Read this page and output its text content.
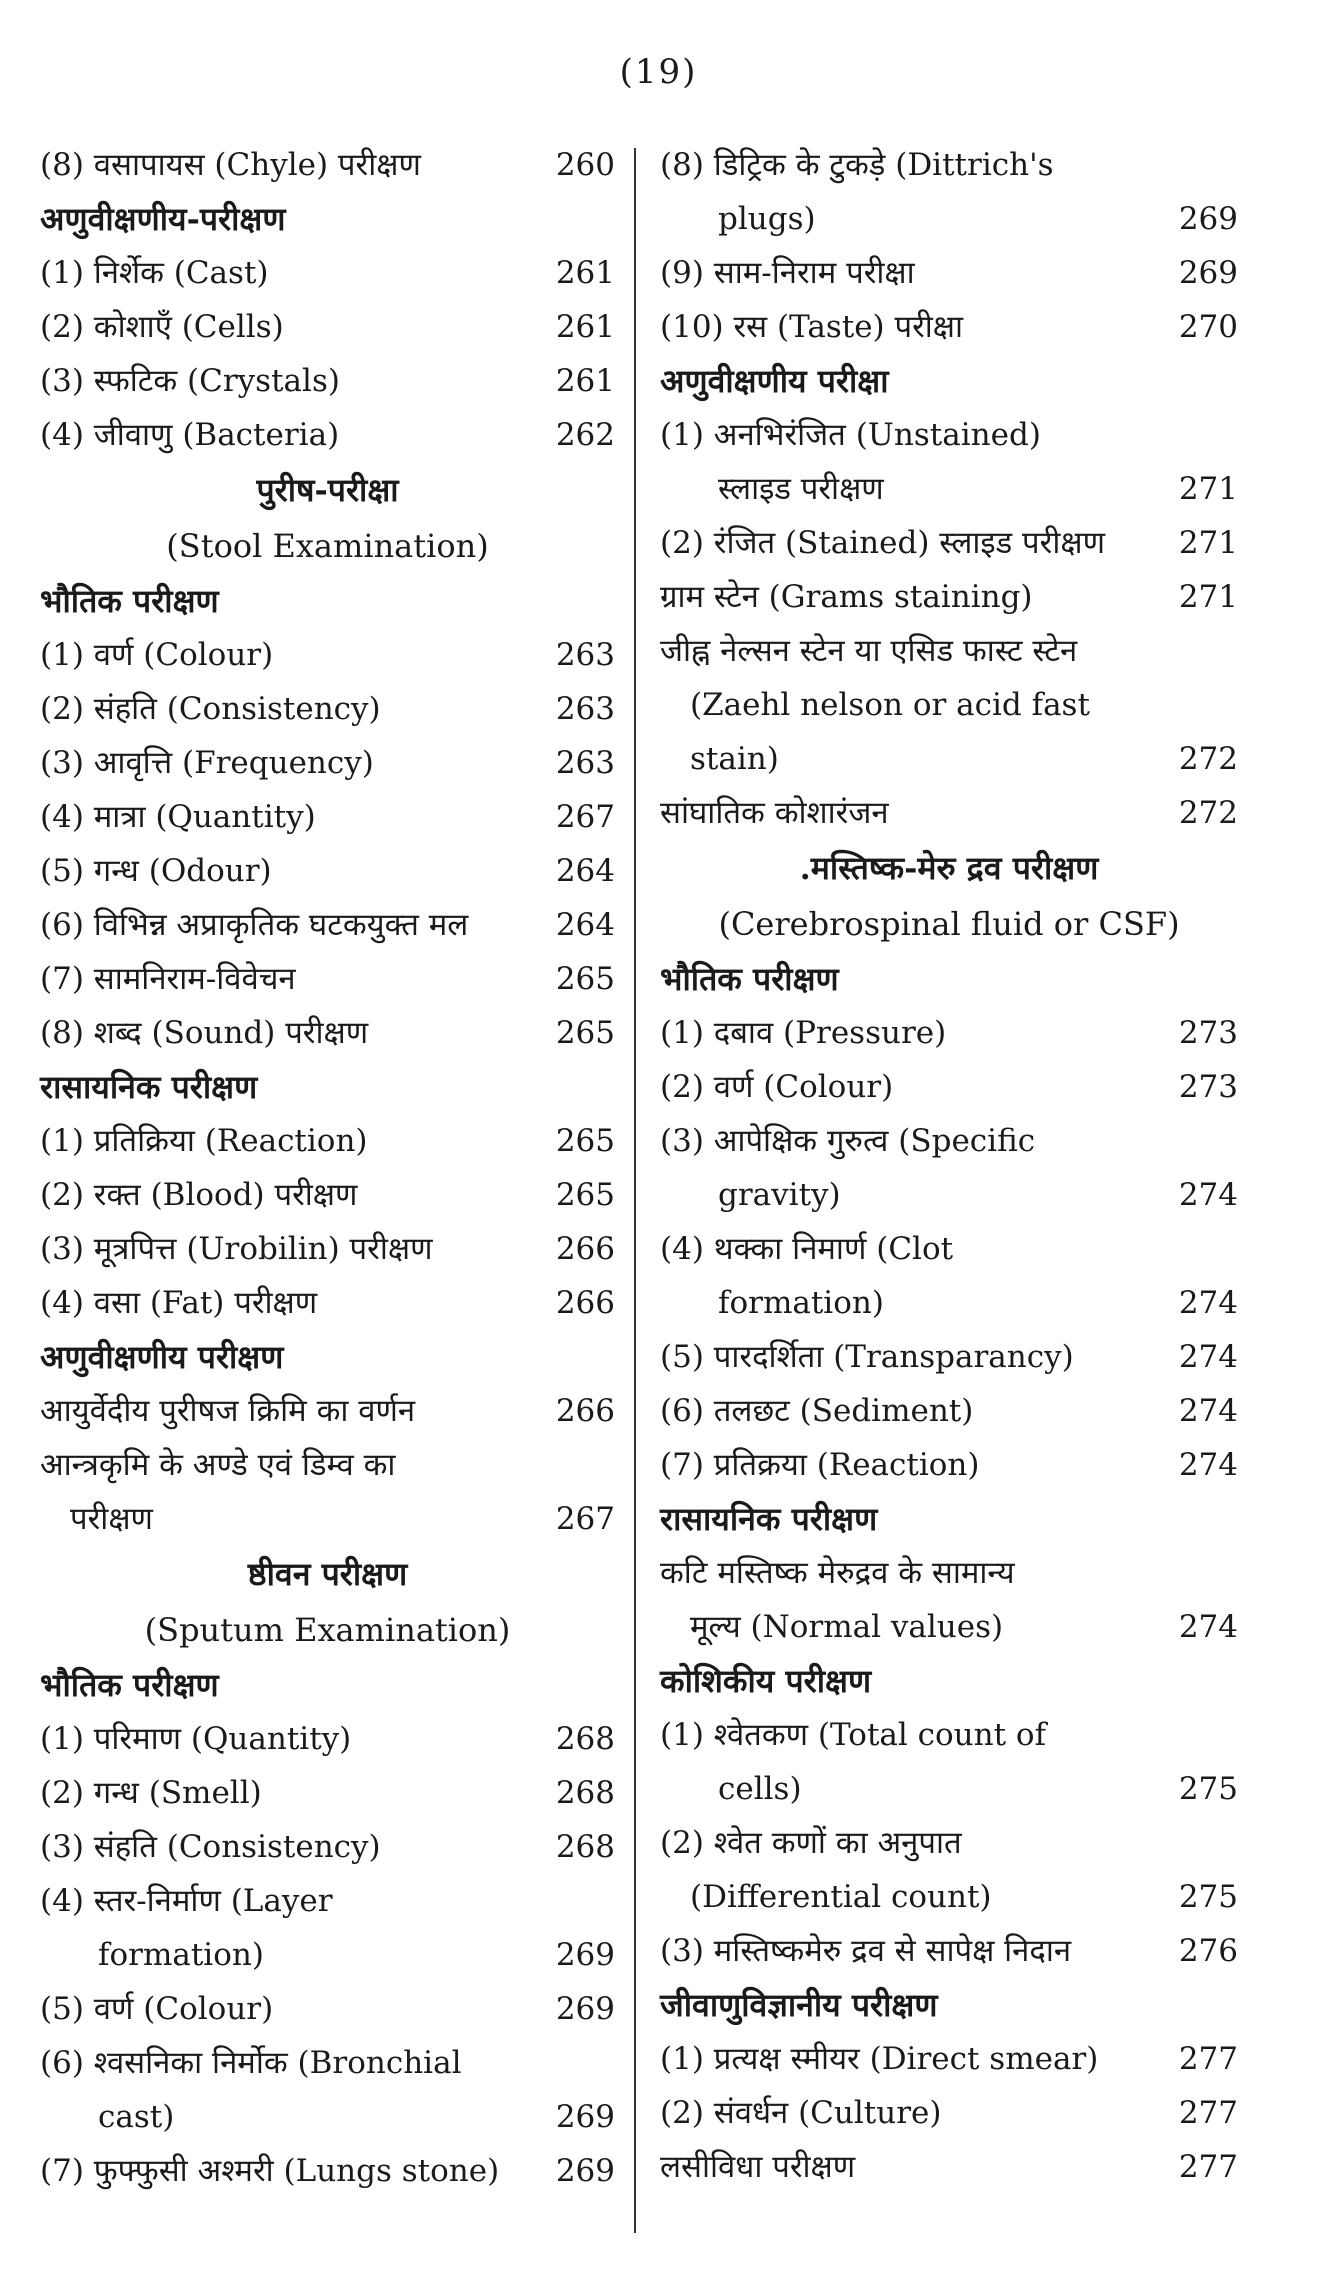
(19)
(8) वसापायस (Chyle) परीक्षण	260
अणुवीक्षणीय-परीक्षण
(1) निर्शेक (Cast)	261
(2) कोशाएँ (Cells)	261
(3) स्फटिक (Crystals)	261
(4) जीवाणु (Bacteria)	262
पुरीष-परीक्षा
(Stool Examination)
भौतिक परीक्षण
(1) वर्ण (Colour)	263
(2) संहति (Consistency)	263
(3) आवृत्ति (Frequency)	263
(4) मात्रा (Quantity)	267
(5) गन्ध (Odour)	264
(6) विभिन्न अप्राकृतिक घटकयुक्त मल	264
(7) सामनिराम-विवेचन	265
(8) शब्द (Sound) परीक्षण	265
रासायनिक परीक्षण
(1) प्रतिक्रिया (Reaction)	265
(2) रक्त (Blood) परीक्षण	265
(3) मूत्रपित्त (Urobilin) परीक्षण	266
(4) वसा (Fat) परीक्षण	266
अणुवीक्षणीय परीक्षण
आयुर्वेदीय पुरीषज क्रिमि का वर्णन	266
आन्त्रकृमि के अण्डे एवं डिम्व का
परीक्षण	267
ष्ठीवन परीक्षण
(Sputum Examination)
भौतिक परीक्षण
(1) परिमाण (Quantity)	268
(2) गन्ध (Smell)	268
(3) संहति (Consistency)	268
(4) स्तर-निर्माण (Layer
formation)	269
(5) वर्ण (Colour)	269
(6) श्वसनिका निर्मोक (Bronchial
cast)	269
(7) फुफ्फुसी अश्मरी (Lungs stone) 269
(8) डिट्रिक के टुकड़े (Dittrich's
plugs)	269
(9) साम-निराम परीक्षा	269
(10) रस (Taste) परीक्षा	270
अणुवीक्षणीय परीक्षा
(1) अनभिरंजित (Unstained)
स्लाइड परीक्षण	271
(2) रंजित (Stained) स्लाइड परीक्षण 271
ग्राम स्टेन (Grams staining)	271
जीह्न नेल्सन स्टेन या एसिड फास्ट स्टेन
(Zaehl nelson or acid fast
stain)	272
सांघातिक कोशारंजन	272
.मस्तिष्क-मेरु द्रव परीक्षण
(Cerebrospinal fluid or CSF)
भौतिक परीक्षण
(1) दबाव (Pressure)	273
(2) वर्ण (Colour)	273
(3) आपेक्षिक गुरुत्व (Specific
gravity)	274
(4) थक्का निमार्ण (Clot
formation)	274
(5) पारदर्शिता (Transparancy)	274
(6) तलछट (Sediment)	274
(7) प्रतिक्रया (Reaction)	274
रासायनिक परीक्षण
कटि मस्तिष्क मेरुद्रव के सामान्य
मूल्य (Normal values)	274
कोशिकीय परीक्षण
(1) श्वेतकण (Total count of
cells)	275
(2) श्वेत कणों का अनुपात
(Differential count)	275
(3) मस्तिष्कमेरु द्रव से सापेक्ष निदान	276
जीवाणुविज्ञानीय परीक्षण
(1) प्रत्यक्ष स्मीयर (Direct smear)	277
(2) संवर्धन (Culture)	277
लसीविधा परीक्षण	277
